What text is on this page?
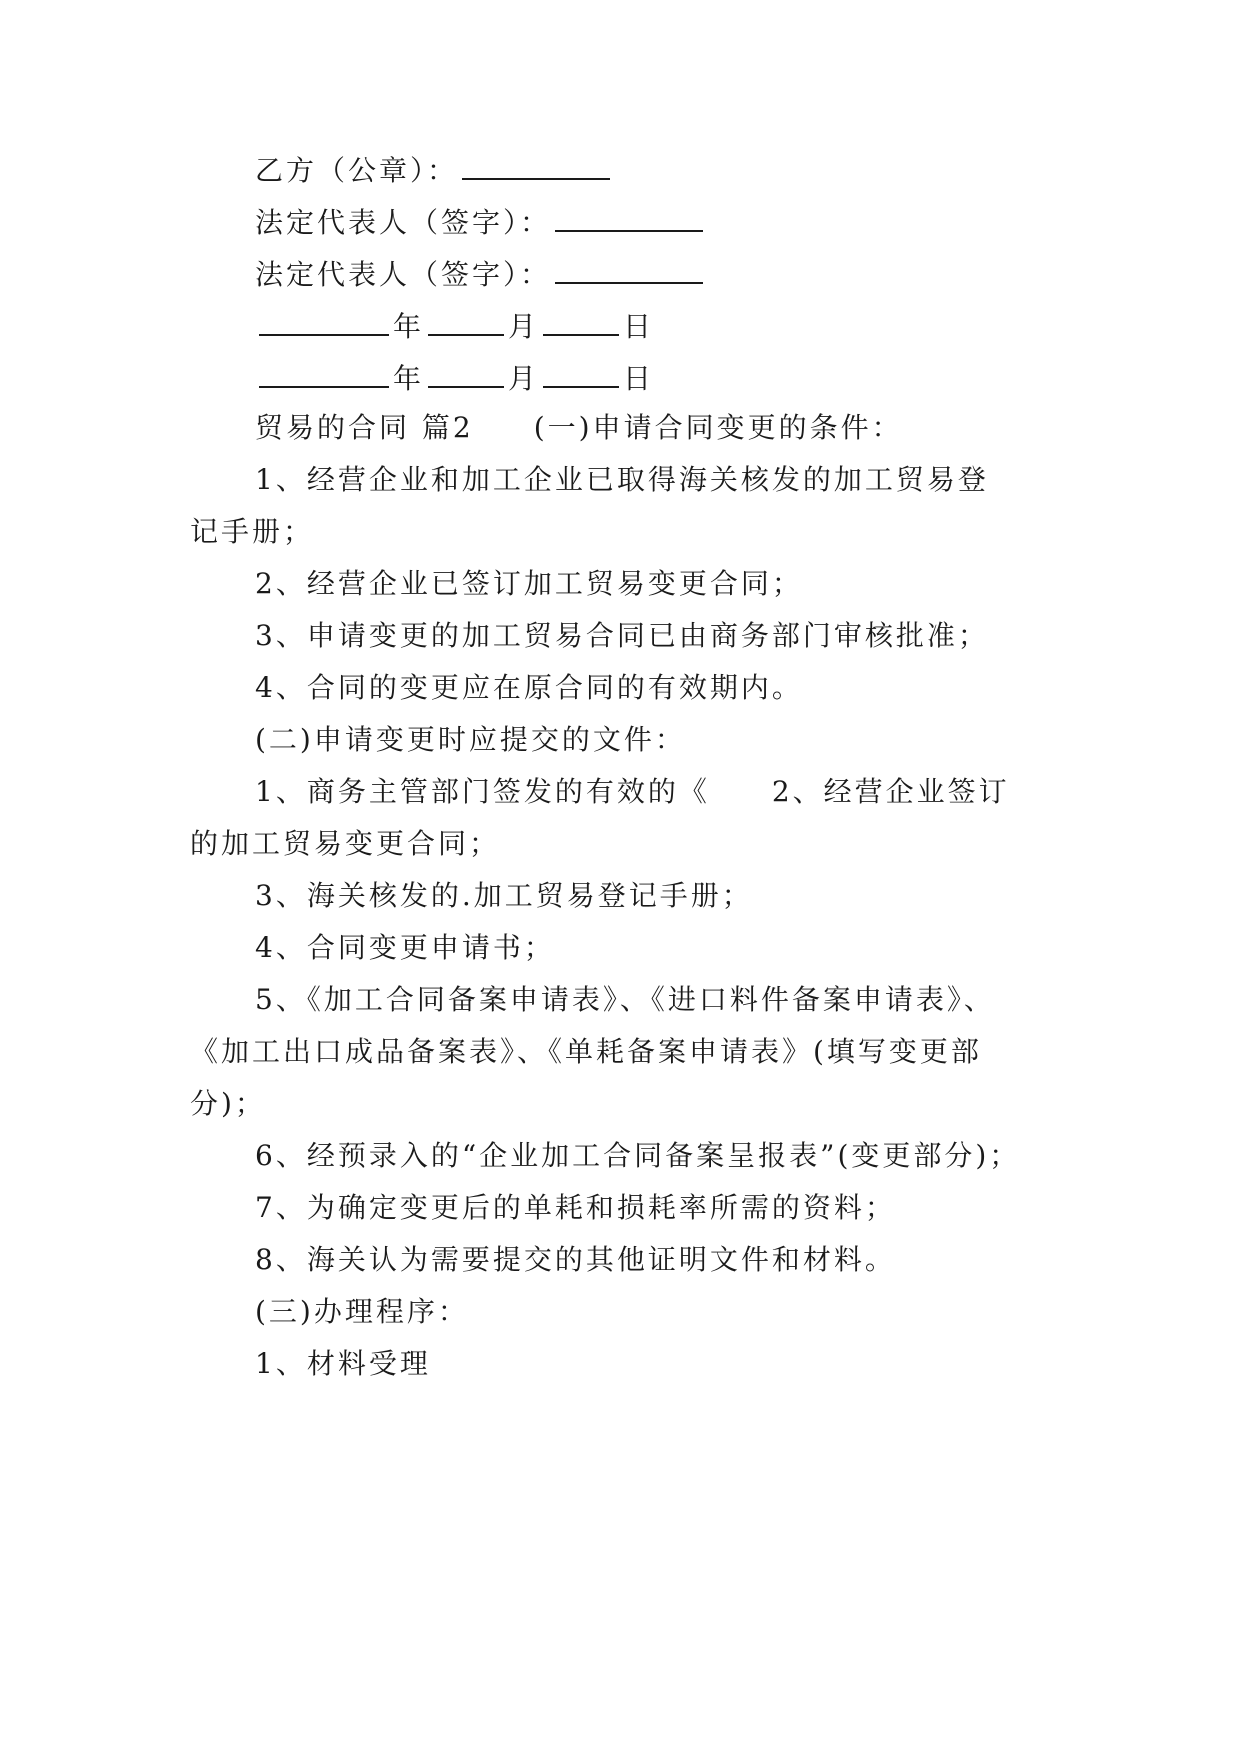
乙方（公章）：
法定代表人（签字）：
法定代表人（签字）：
年	月	日
年	月	日
贸易的合同 篇2 (一)申请合同变更的条件：
1、经营企业和加工企业已取得海关核发的加工贸易登
记手册；
2、经营企业已签订加工贸易变更合同；
3、申请变更的加工贸易合同已由商务部门审核批准；
4、合同的变更应在原合同的有效期内。
(二)申请变更时应提交的文件：
1、商务主管部门签发的有效的《　　2、经营企业签订
的加工贸易变更合同；
3、海关核发的.加工贸易登记手册；
4、合同变更申请书；
5、《加工合同备案申请表》、《进口料件备案申请表》、
《加工出口成品备案表》、《单耗备案申请表》(填写变更部
分)；
6、经预录入的“企业加工合同备案呈报表”(变更部分)；
7、为确定变更后的单耗和损耗率所需的资料；
8、海关认为需要提交的其他证明文件和材料。
(三)办理程序：
1、材料受理
